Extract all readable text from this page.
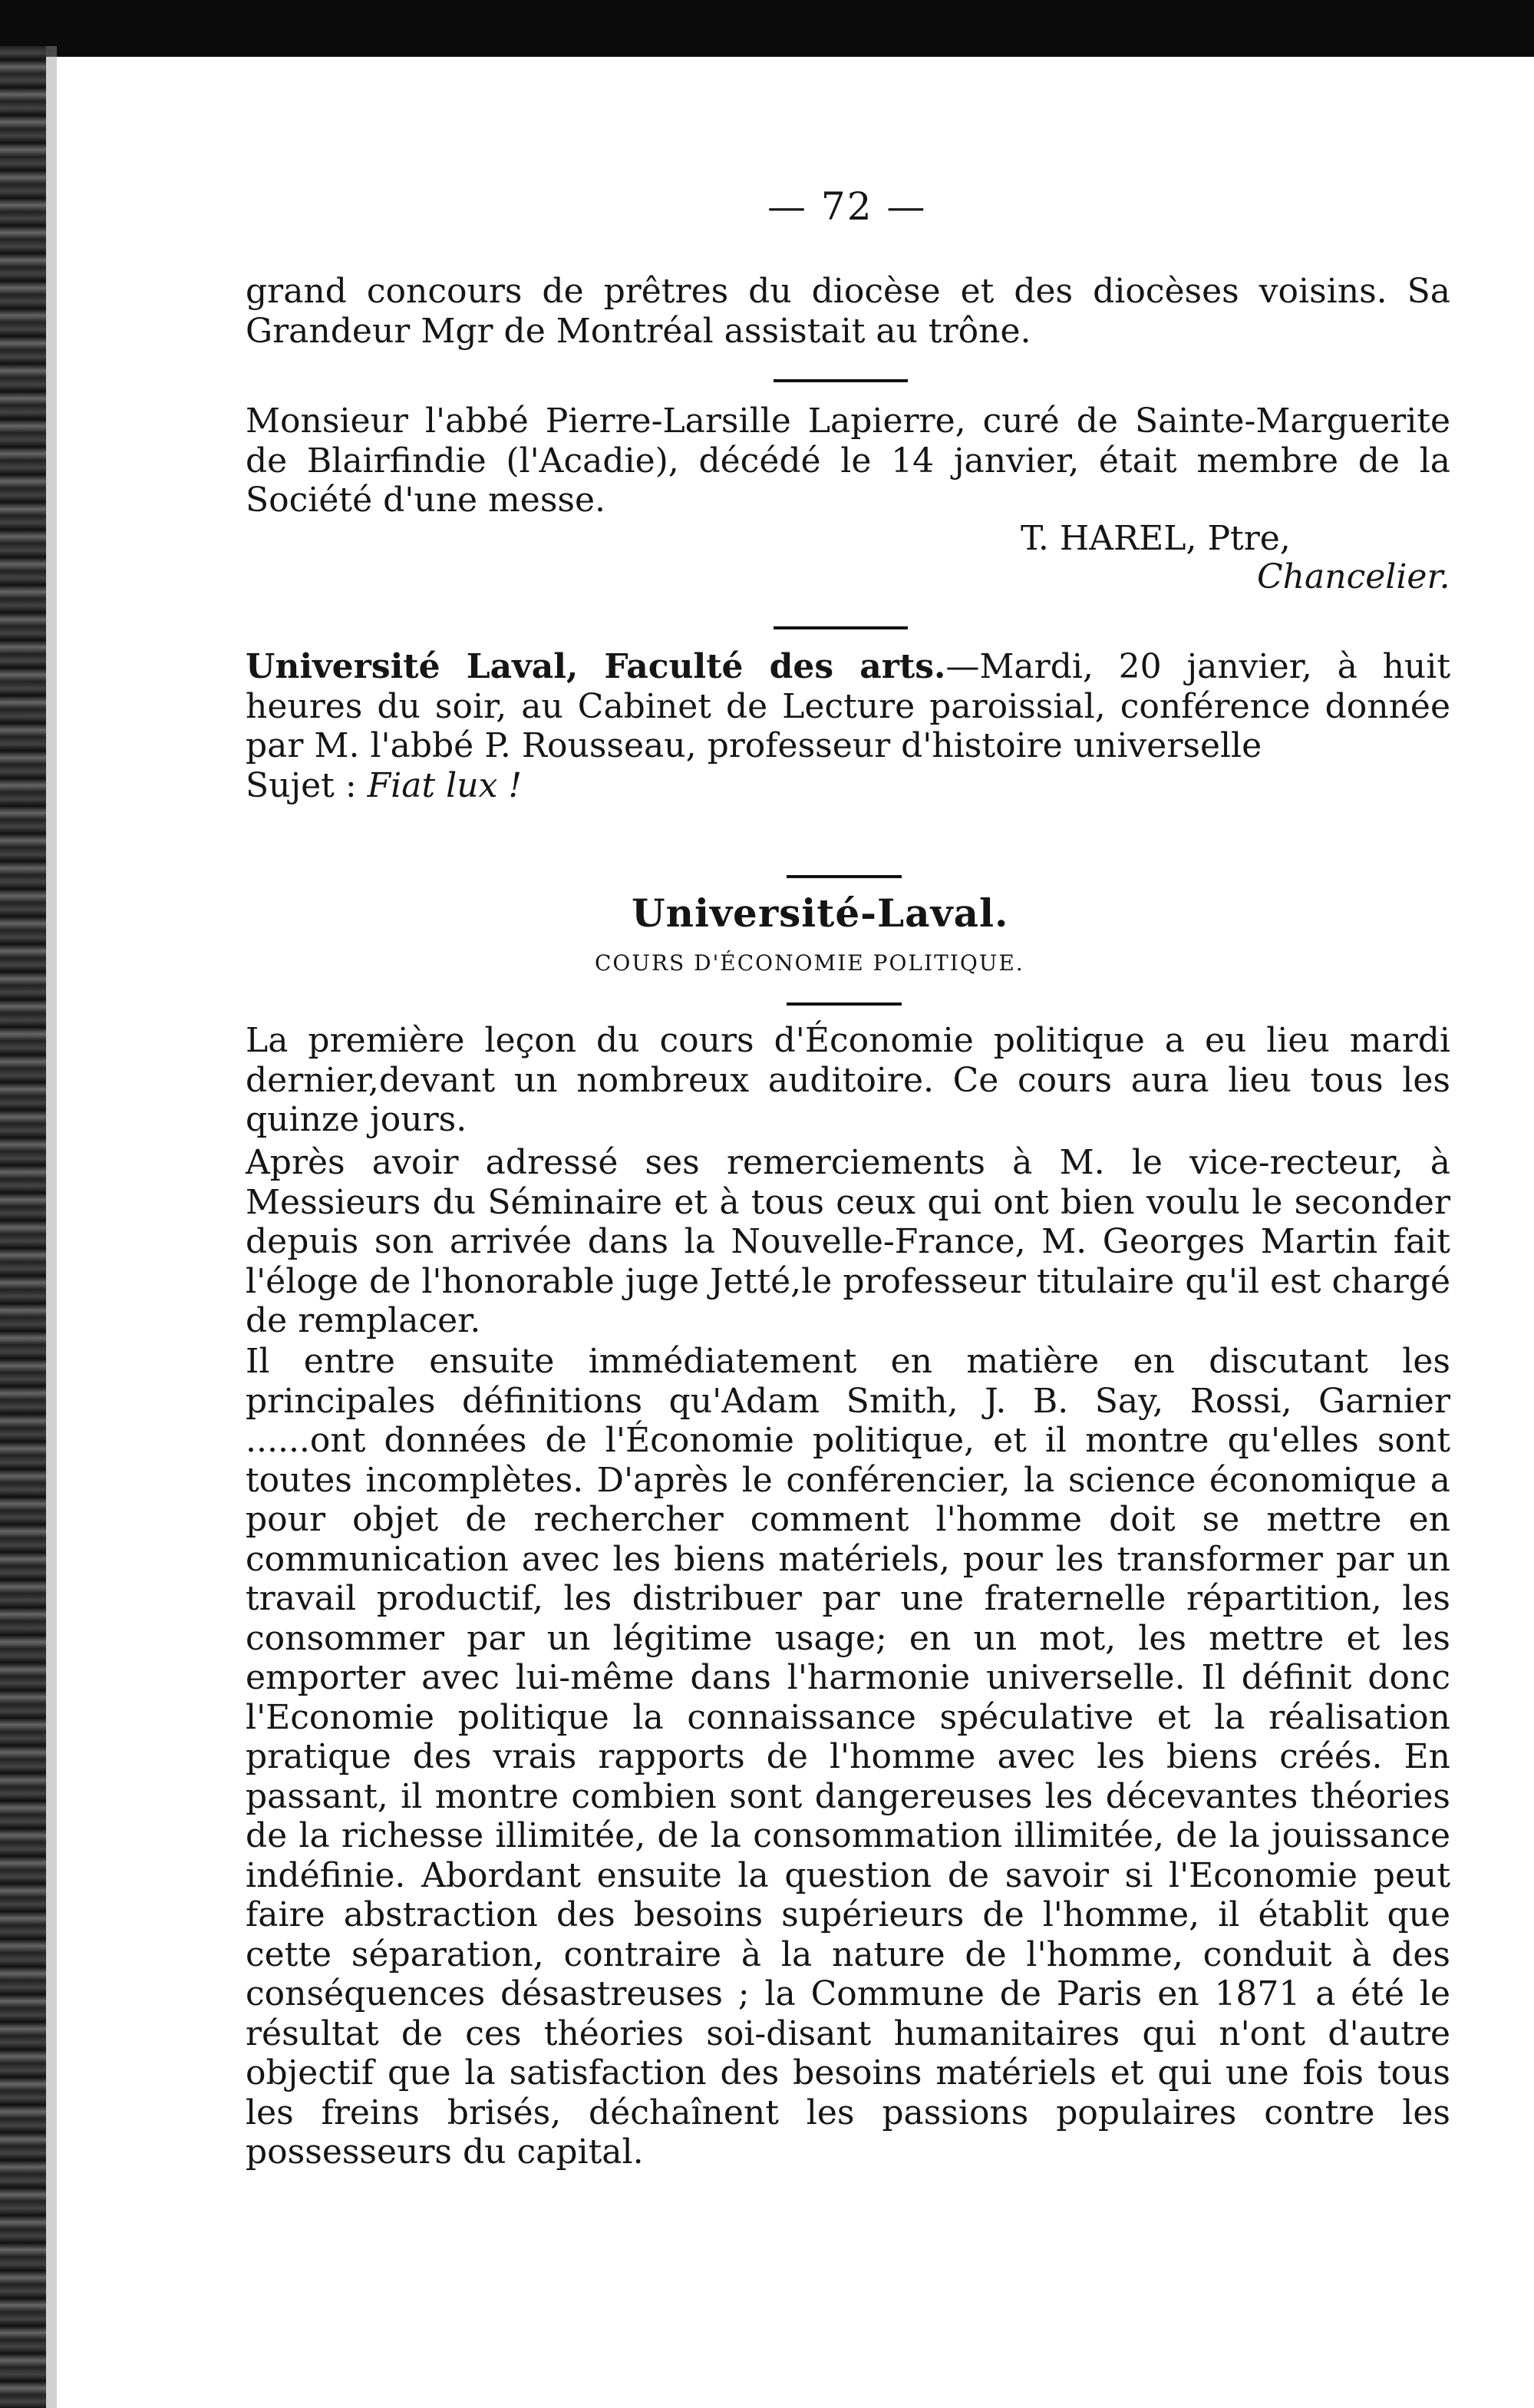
— 72 —

grand concours de prêtres du diocèse et des diocèses voisins. Sa Grandeur Mgr de Montréal assistait au trône.

Monsieur l'abbé Pierre-Larsille Lapierre, curé de Sainte-Marguerite de Blairfindie (l'Acadie), décédé le 14 janvier, était membre de la Société d'une messe.

T. HAREL, Ptre,
Chancelier.

Université Laval, Faculté des arts.—Mardi, 20 janvier, à huit heures du soir, au Cabinet de Lecture paroissial, conférence donnée par M. l'abbé P. Rousseau, professeur d'histoire universelle

Sujet : Fiat lux !

Université-Laval.
COURS D'ÉCONOMIE POLITIQUE.

La première leçon du cours d'Économie politique a eu lieu mardi dernier,devant un nombreux auditoire. Ce cours aura lieu tous les quinze jours.

Après avoir adressé ses remerciements à M. le vice-recteur, à Messieurs du Séminaire et à tous ceux qui ont bien voulu le seconder depuis son arrivée dans la Nouvelle-France, M. Georges Martin fait l'éloge de l'honorable juge Jetté,le professeur titulaire qu'il est chargé de remplacer.

Il entre ensuite immédiatement en matière en discutant les principales définitions qu'Adam Smith, J. B. Say, Rossi, Garnier ......ont données de l'Économie politique, et il montre qu'elles sont toutes incomplètes. D'après le conférencier, la science économique a pour objet de rechercher comment l'homme doit se mettre en communication avec les biens matériels, pour les transformer par un travail productif, les distribuer par une fraternelle répartition, les consommer par un légitime usage; en un mot, les mettre et les emporter avec lui-même dans l'harmonie universelle. Il définit donc l'Economie politique la connaissance spéculative et la réalisation pratique des vrais rapports de l'homme avec les biens créés. En passant, il montre combien sont dangereuses les décevantes théories de la richesse illimitée, de la consommation illimitée, de la jouissance indéfinie. Abordant ensuite la question de savoir si l'Economie peut faire abstraction des besoins supérieurs de l'homme, il établit que cette séparation, contraire à la nature de l'homme, conduit à des conséquences désastreuses ; la Commune de Paris en 1871 a été le résultat de ces théories soi-disant humanitaires qui n'ont d'autre objectif que la satisfaction des besoins matériels et qui une fois tous les freins brisés, déchaînent les passions populaires contre les possesseurs du capital.
